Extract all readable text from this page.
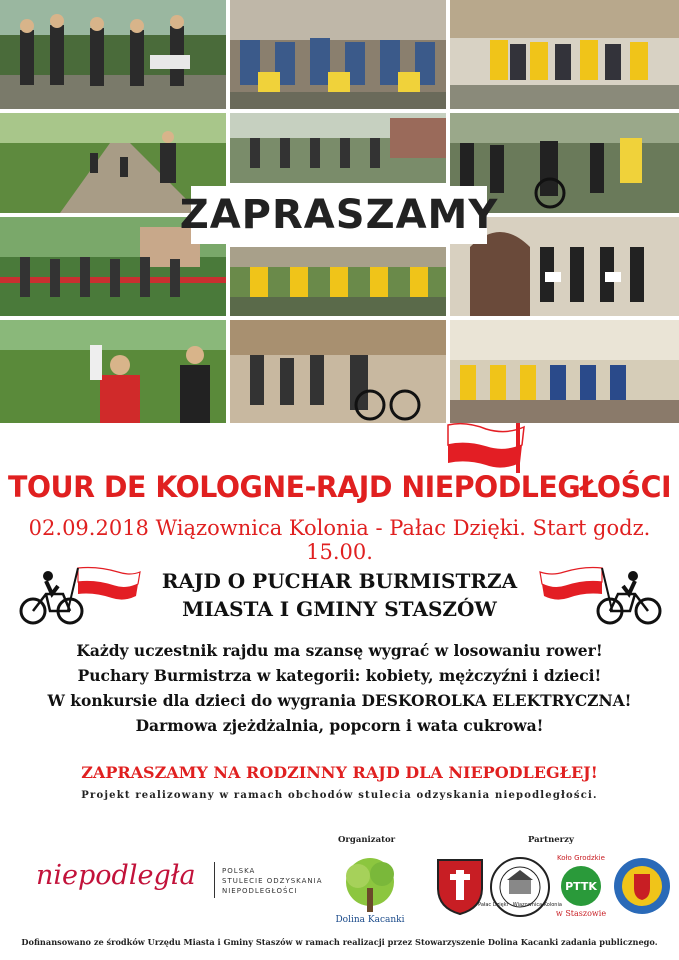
ZAPRASZAMY
TOUR DE KOLOGNE-RAJD NIEPODLEGŁOŚCI
02.09.2018 Wiązownica Kolonia - Pałac Dzięki. Start godz. 15.00.
RAJD O PUCHAR BURMISTRZA
MIASTA I GMINY STASZÓW
Każdy uczestnik rajdu ma szansę wygrać w losowaniu rower!
Puchary Burmistrza w kategorii: kobiety, mężczyźni i dzieci!
W konkursie dla dzieci do wygrania DESKOROLKA ELEKTRYCZNA!
Darmowa zjeżdżalnia, popcorn i wata cukrowa!
ZAPRASZAMY NA RODZINNY RAJD DLA NIEPODLEGŁEJ!
Projekt realizowany w ramach obchodów stulecia odzyskania niepodległości.
Organizator	Partnerzy
niepodległa	POLSKA
STULECIE ODZYSKANIA
NIEPODLEGŁOŚCI
Dolina Kacanki
Pałac Dzięki · Wiązownica Kolonia
Koło Grodzkie
PTTK
w Staszowie
Dofinansowano ze środków Urzędu Miasta i Gminy Staszów w ramach realizacji przez Stowarzyszenie Dolina Kacanki zadania publicznego.
